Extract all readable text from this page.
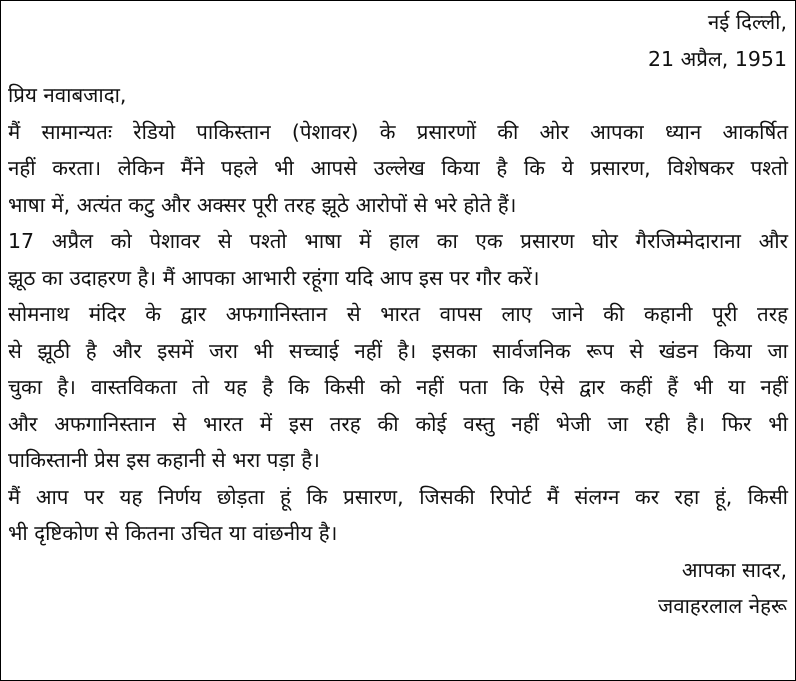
नई दिल्ली,
21 अप्रैल, 1951
प्रिय नवाबजादा,
मैं सामान्यतः रेडियो पाकिस्तान (पेशावर) के प्रसारणों की ओर आपका ध्यान आकर्षित
नहीं करता। लेकिन मैंने पहले भी आपसे उल्लेख किया है कि ये प्रसारण, विशेषकर पश्तो
भाषा में, अत्यंत कटु और अक्सर पूरी तरह झूठे आरोपों से भरे होते हैं।
17 अप्रैल को पेशावर से पश्तो भाषा में हाल का एक प्रसारण घोर गैरजिम्मेदाराना और
झूठ का उदाहरण है। मैं आपका आभारी रहूंगा यदि आप इस पर गौर करें।
सोमनाथ मंदिर के द्वार अफगानिस्तान से भारत वापस लाए जाने की कहानी पूरी तरह
से झूठी है और इसमें जरा भी सच्चाई नहीं है। इसका सार्वजनिक रूप से खंडन किया जा
चुका है। वास्तविकता तो यह है कि किसी को नहीं पता कि ऐसे द्वार कहीं हैं भी या नहीं
और अफगानिस्तान से भारत में इस तरह की कोई वस्तु नहीं भेजी जा रही है। फिर भी
पाकिस्तानी प्रेस इस कहानी से भरा पड़ा है।
मैं आप पर यह निर्णय छोड़ता हूं कि प्रसारण, जिसकी रिपोर्ट मैं संलग्न कर रहा हूं, किसी
भी दृष्टिकोण से कितना उचित या वांछनीय है।
आपका सादर,
जवाहरलाल नेहरू
